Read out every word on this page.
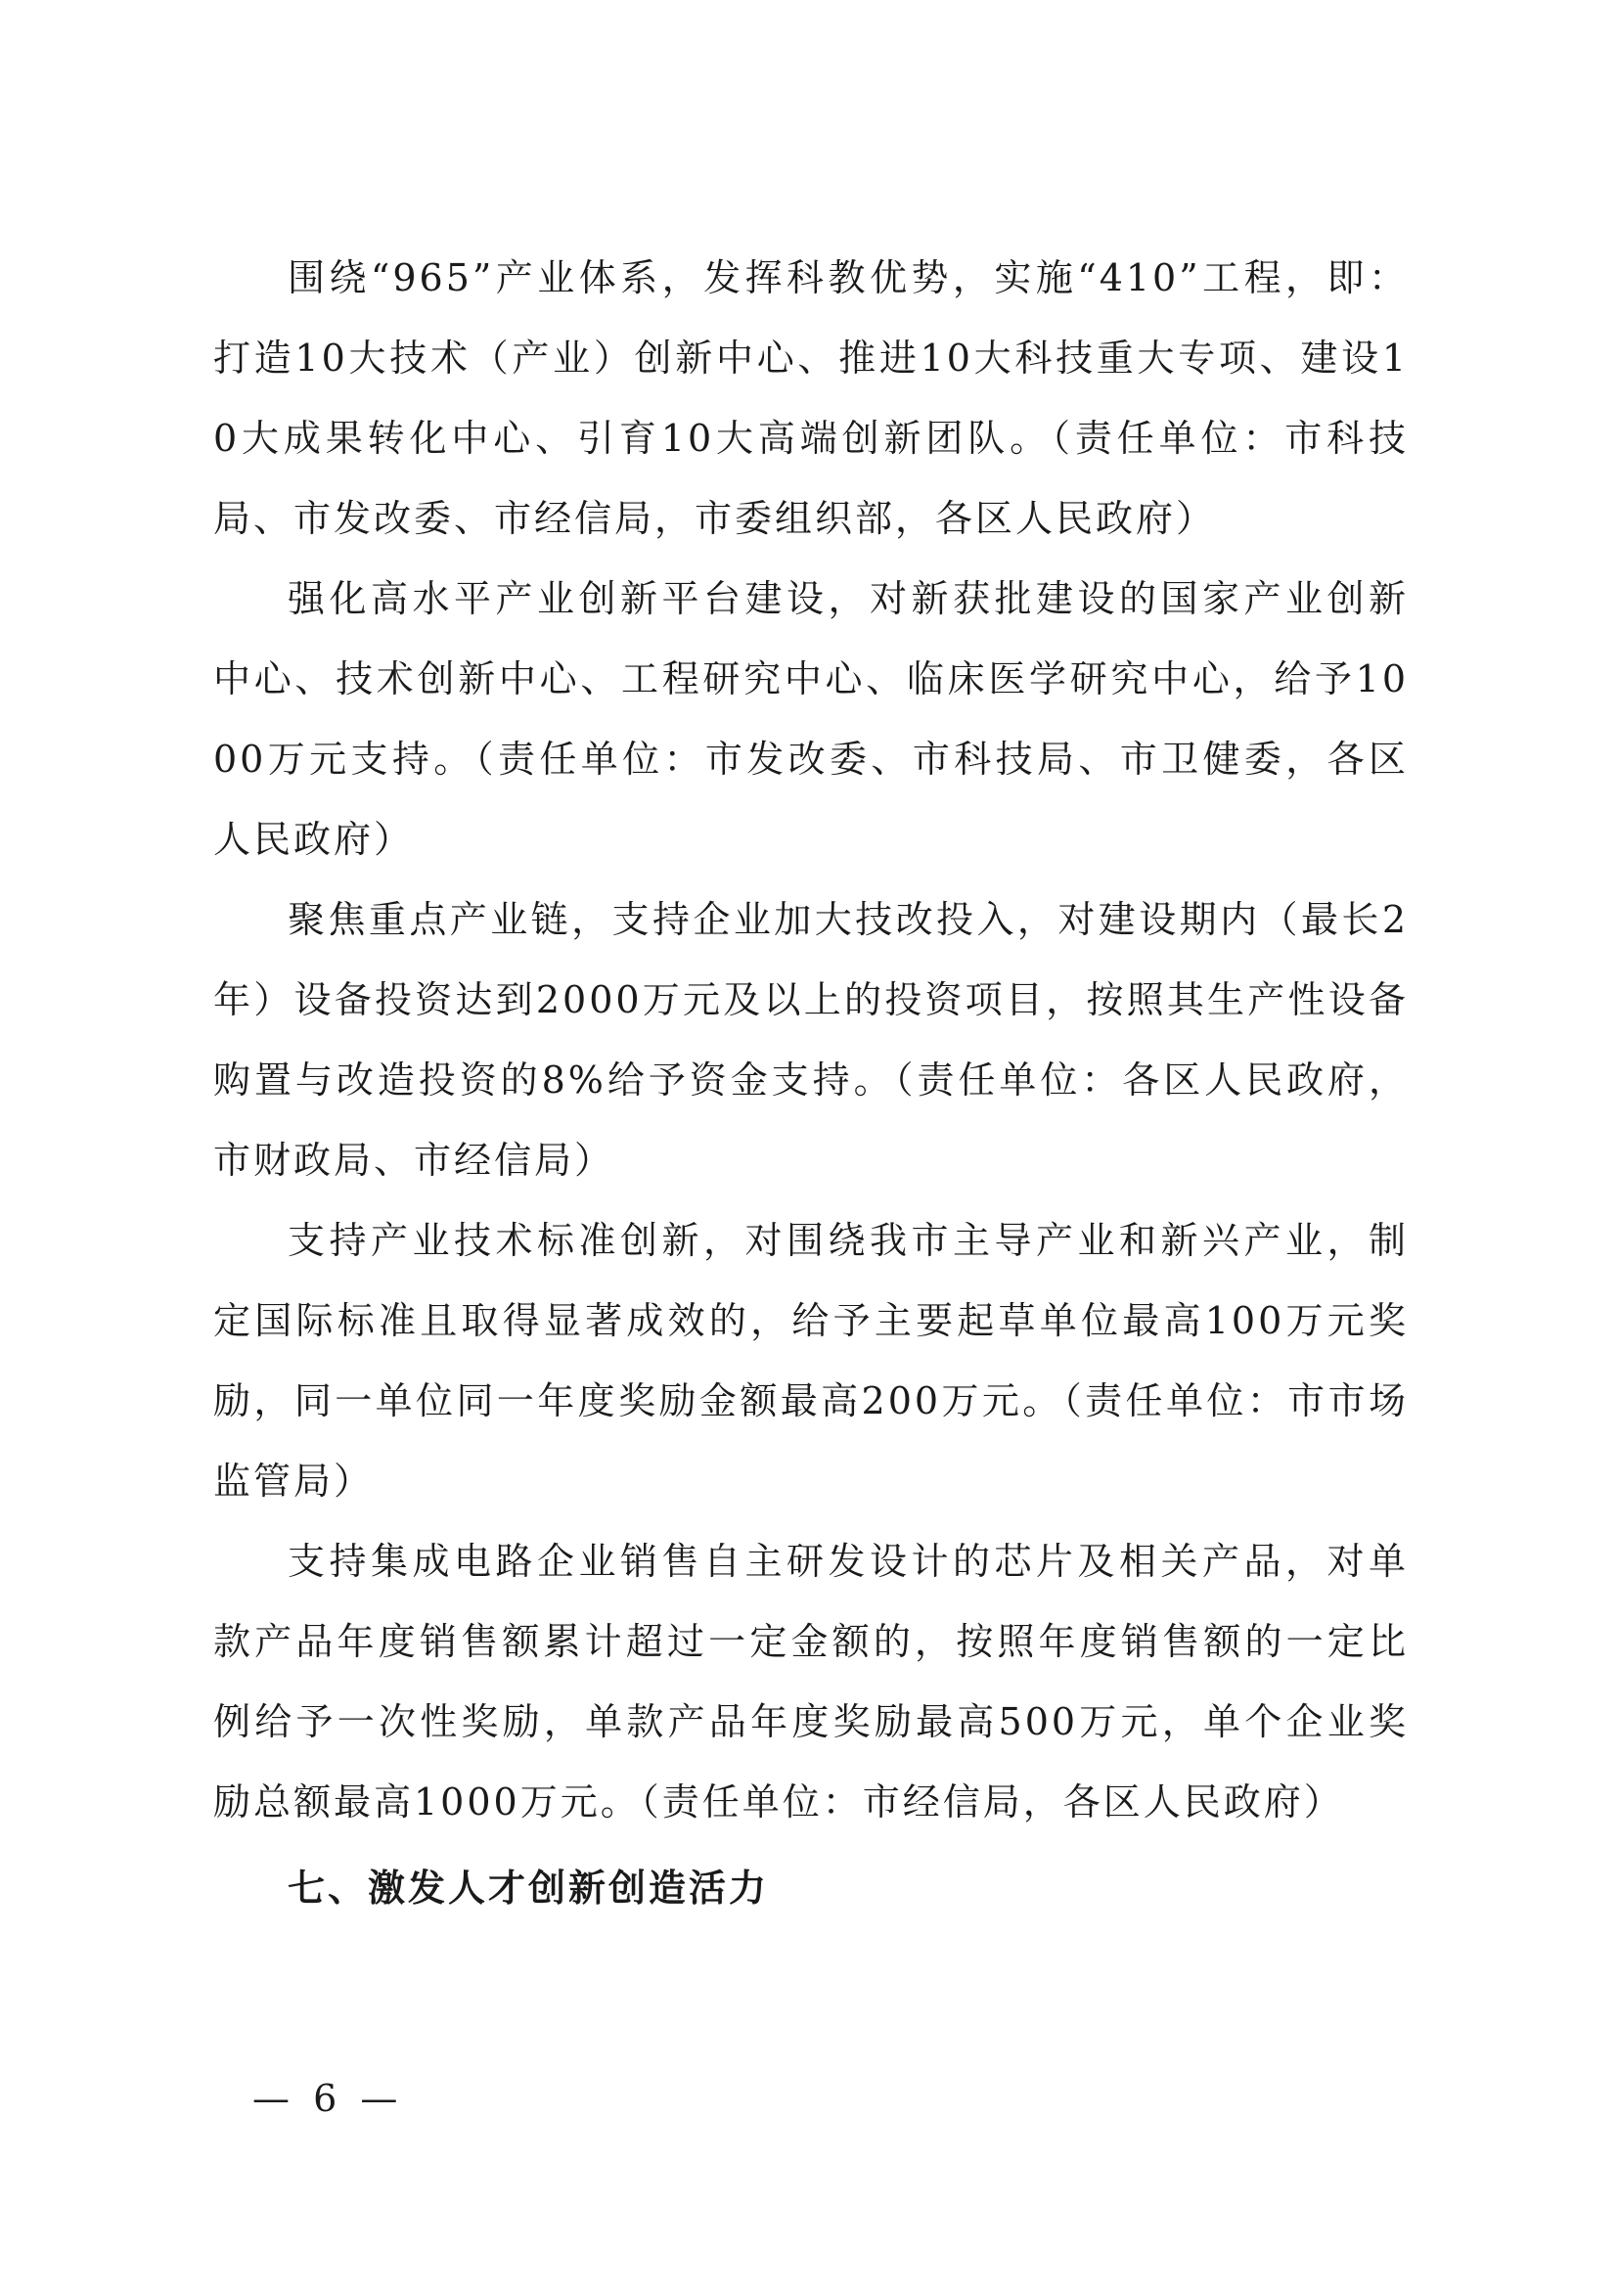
围绕“965”产业体系，发挥科教优势，实施“410”工程，即：打造10大技术（产业）创新中心、推进10大科技重大专项、建设10大成果转化中心、引育10大高端创新团队。（责任单位：市科技局、市发改委、市经信局，市委组织部，各区人民政府）

强化高水平产业创新平台建设，对新获批建设的国家产业创新中心、技术创新中心、工程研究中心、临床医学研究中心，给予1000万元支持。（责任单位：市发改委、市科技局、市卫健委，各区人民政府）

聚焦重点产业链，支持企业加大技改投入，对建设期内（最长2年）设备投资达到2000万元及以上的投资项目，按照其生产性设备购置与改造投资的8%给予资金支持。（责任单位：各区人民政府，市财政局、市经信局）

支持产业技术标准创新，对围绕我市主导产业和新兴产业，制定国际标准且取得显著成效的，给予主要起草单位最高100万元奖励，同一单位同一年度奖励金额最高200万元。（责任单位：市市场监管局）

支持集成电路企业销售自主研发设计的芯片及相关产品，对单款产品年度销售额累计超过一定金额的，按照年度销售额的一定比例给予一次性奖励，单款产品年度奖励最高500万元，单个企业奖励总额最高1000万元。（责任单位：市经信局，各区人民政府）

七、激发人才创新创造活力
— 6 —
